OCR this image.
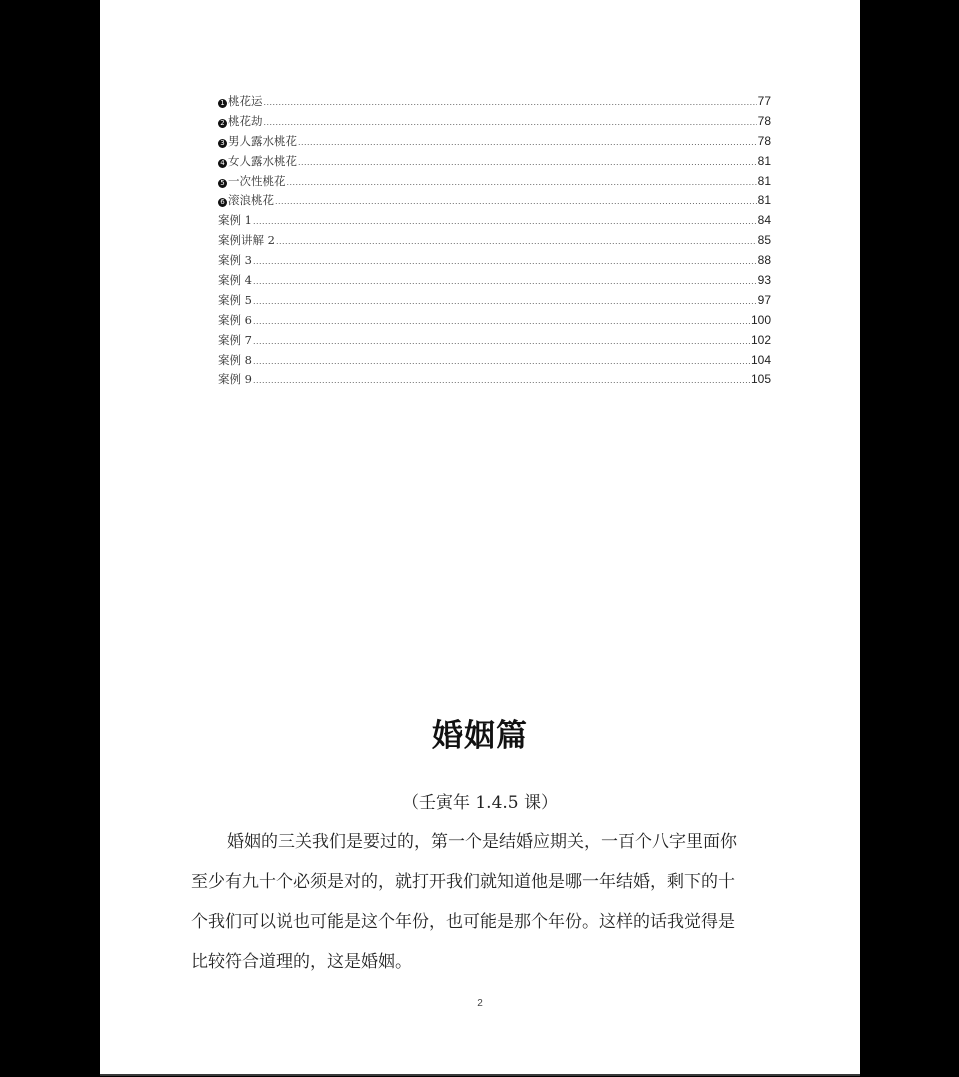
1 桃花运 .....	77
2 桃花劫 .....	78
3 男人露水桃花 .....	78
4 女人露水桃花 .....	81
5 一次性桃花 .....	81
6 滚浪桃花 .....	81
案例 1 .....	84
案例讲解 2 .....	85
案例 3 .....	88
案例 4 .....	93
案例 5 .....	97
案例 6 .....	100
案例 7 .....	102
案例 8 .....	104
案例 9 .....	105
婚姻篇
（壬寅年 1.4.5 课）
婚姻的三关我们是要过的，第一个是结婚应期关，一百个八字里面你
至少有九十个必须是对的，就打开我们就知道他是哪一年结婚，剩下的十
个我们可以说也可能是这个年份，也可能是那个年份。这样的话我觉得是
比较符合道理的，这是婚姻。
2
